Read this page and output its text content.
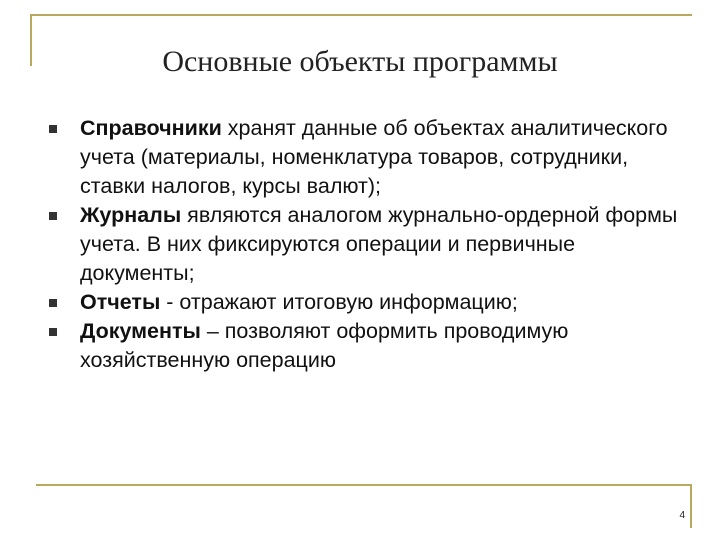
Основные объекты программы
Справочники хранят данные об объектах аналитического учета (материалы, номенклатура товаров, сотрудники, ставки налогов, курсы валют);
Журналы являются аналогом журнально-ордерной формы учета. В них фиксируются операции и первичные документы;
Отчеты - отражают итоговую информацию;
Документы – позволяют оформить проводимую хозяйственную операцию
4
